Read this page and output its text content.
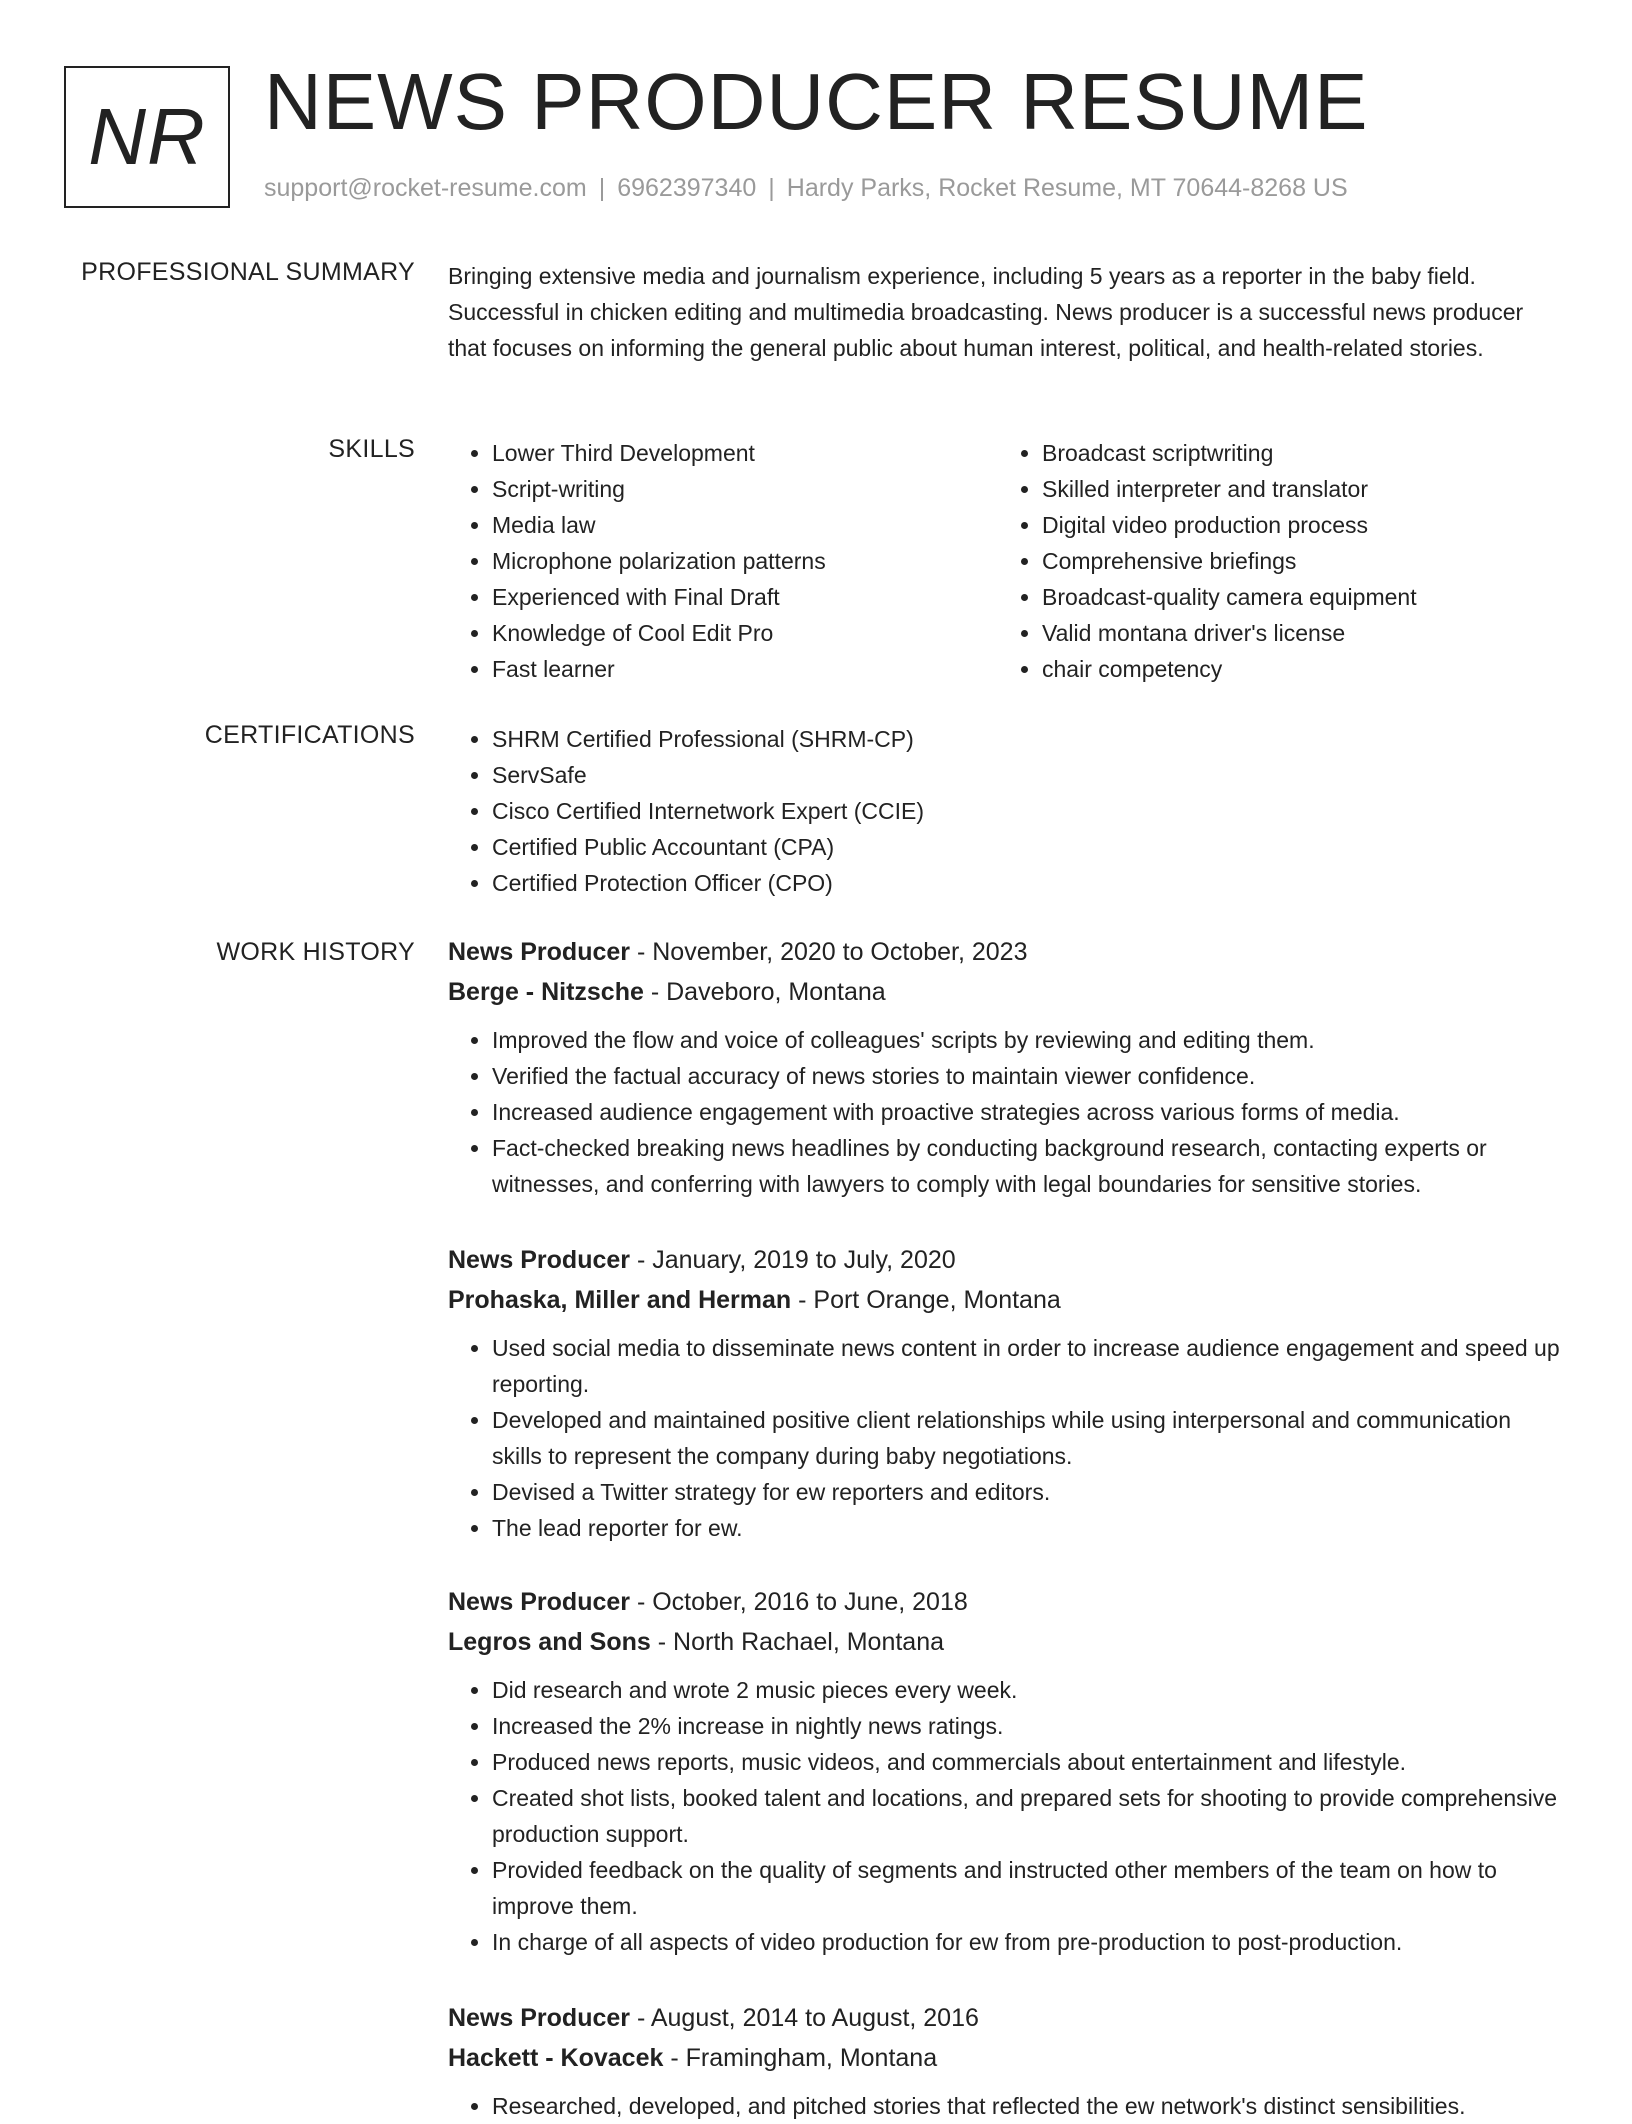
NR NEWS PRODUCER RESUME
support@rocket-resume.com | 6962397340 | Hardy Parks, Rocket Resume, MT 70644-8268 US
PROFESSIONAL SUMMARY Bringing extensive media and journalism experience, including 5 years as a reporter in the baby field. Successful in chicken editing and multimedia broadcasting. News producer is a successful news producer that focuses on informing the general public about human interest, political, and health-related stories.
SKILLS	• Lower Third Development
• Script-writing
• Media law
• Microphone polarization patterns
• Experienced with Final Draft
• Knowledge of Cool Edit Pro
• Fast learner
• Broadcast scriptwriting
• Skilled interpreter and translator
• Digital video production process
• Comprehensive briefings
• Broadcast-quality camera equipment
• Valid montana driver's license
• chair competency
CERTIFICATIONS	• SHRM Certified Professional (SHRM-CP)
• ServSafe
• Cisco Certified Internetwork Expert (CCIE)
• Certified Public Accountant (CPA)
• Certified Protection Officer (CPO)
WORK HISTORY News Producer - November, 2020 to October, 2023
Berge - Nitzsche - Daveboro, Montana
• Improved the flow and voice of colleagues' scripts by reviewing and editing them.
• Verified the factual accuracy of news stories to maintain viewer confidence.
• Increased audience engagement with proactive strategies across various forms of media.
• Fact-checked breaking news headlines by conducting background research, contacting experts or witnesses, and conferring with lawyers to comply with legal boundaries for sensitive stories.
News Producer - January, 2019 to July, 2020
Prohaska, Miller and Herman - Port Orange, Montana
• Used social media to disseminate news content in order to increase audience engagement and speed up reporting.
• Developed and maintained positive client relationships while using interpersonal and communication skills to represent the company during baby negotiations.
• Devised a Twitter strategy for ew reporters and editors.
• The lead reporter for ew.
News Producer - October, 2016 to June, 2018
Legros and Sons - North Rachael, Montana
• Did research and wrote 2 music pieces every week.
• Increased the 2% increase in nightly news ratings.
• Produced news reports, music videos, and commercials about entertainment and lifestyle.
• Created shot lists, booked talent and locations, and prepared sets for shooting to provide comprehensive production support.
• Provided feedback on the quality of segments and instructed other members of the team on how to improve them.
• In charge of all aspects of video production for ew from pre-production to post-production.
News Producer - August, 2014 to August, 2016
Hackett - Kovacek - Framingham, Montana
• Researched, developed, and pitched stories that reflected the ew network's distinct sensibilities.
